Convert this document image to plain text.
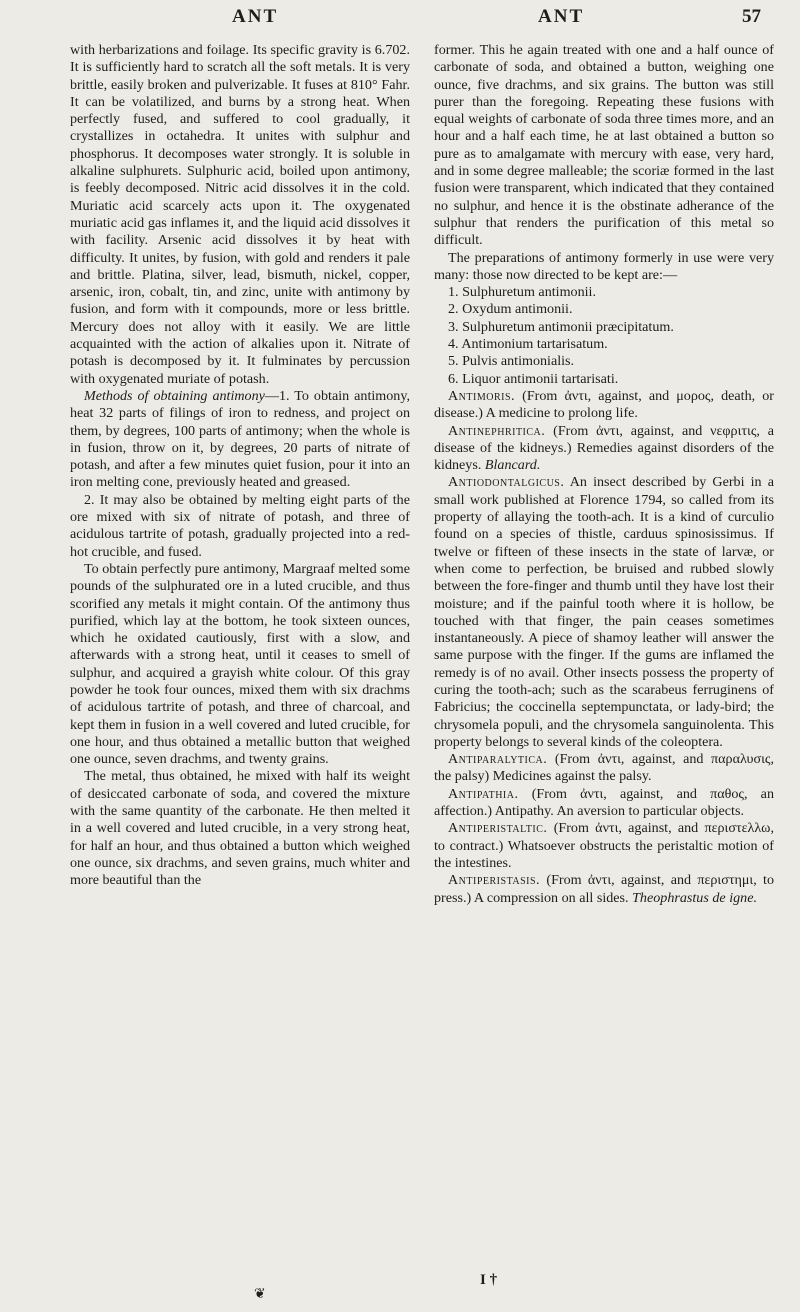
ANT	ANT	57

with herbarizations and foilage. Its specific gravity is 6.702. It is sufficiently hard to scratch all the soft metals. It is very brittle, easily broken and pulverizable. It fuses at 810° Fahr. It can be volatilized, and burns by a strong heat. When perfectly fused, and suffered to cool gradually, it crystallizes in octahedra. It unites with sulphur and phosphorus. It decomposes water strongly. It is soluble in alkaline sulphurets. Sulphuric acid, boiled upon antimony, is feebly decomposed. Nitric acid dissolves it in the cold. Muriatic acid scarcely acts upon it. The oxygenated muriatic acid gas inflames it, and the liquid acid dissolves it with facility. Arsenic acid dissolves it by heat with difficulty. It unites, by fusion, with gold and renders it pale and brittle. Platina, silver, lead, bismuth, nickel, copper, arsenic, iron, cobalt, tin, and zinc, unite with antimony by fusion, and form with it compounds, more or less brittle. Mercury does not alloy with it easily. We are little acquainted with the action of alkalies upon it. Nitrate of potash is decomposed by it. It fulminates by percussion with oxygenated muriate of potash.

Methods of obtaining antimony—1. To obtain antimony, heat 32 parts of filings of iron to redness, and project on them, by degrees, 100 parts of antimony; when the whole is in fusion, throw on it, by degrees, 20 parts of nitrate of potash, and after a few minutes quiet fusion, pour it into an iron melting cone, previously heated and greased.

2. It may also be obtained by melting eight parts of the ore mixed with six of nitrate of potash, and three of acidulous tartrite of potash, gradually projected into a red-hot crucible, and fused.

To obtain perfectly pure antimony, Margraaf melted some pounds of the sulphurated ore in a luted crucible, and thus scorified any metals it might contain. Of the antimony thus purified, which lay at the bottom, he took sixteen ounces, which he oxidated cautiously, first with a slow, and afterwards with a strong heat, until it ceases to smell of sulphur, and acquired a grayish white colour. Of this gray powder he took four ounces, mixed them with six drachms of acidulous tartrite of potash, and three of charcoal, and kept them in fusion in a well covered and luted crucible, for one hour, and thus obtained a metallic button that weighed one ounce, seven drachms, and twenty grains.

The metal, thus obtained, he mixed with half its weight of desiccated carbonate of soda, and covered the mixture with the same quantity of the carbonate. He then melted it in a well covered and luted crucible, in a very strong heat, for half an hour, and thus obtained a button which weighed one ounce, six drachms, and seven grains, much whiter and more beautiful than the

former. This he again treated with one and a half ounce of carbonate of soda, and obtained a button, weighing one ounce, five drachms, and six grains. The button was still purer than the foregoing. Repeating these fusions with equal weights of carbonate of soda three times more, and an hour and a half each time, he at last obtained a button so pure as to amalgamate with mercury with ease, very hard, and in some degree malleable; the scoriæ formed in the last fusion were transparent, which indicated that they contained no sulphur, and hence it is the obstinate adherance of the sulphur that renders the purification of this metal so difficult.

The preparations of antimony formerly in use were very many: those now directed to be kept are:—

1. Sulphuretum antimonii.
2. Oxydum antimonii.
3. Sulphuretum antimonii præcipitatum.
4. Antimonium tartarisatum.
5. Pulvis antimonialis.
6. Liquor antimonii tartarisati.

Antimoris. (From ἀντι, against, and μορος, death, or disease.) A medicine to prolong life.

Antinephritica. (From ἀντι, against, and νεφριτις, a disease of the kidneys.) Remedies against disorders of the kidneys. Blancard.

Antiodontalgicus. An insect described by Gerbi in a small work published at Florence 1794, so called from its property of allaying the tooth-ach. It is a kind of curculio found on a species of thistle, carduus spinosissimus. If twelve or fifteen of these insects in the state of larvæ, or when come to perfection, be bruised and rubbed slowly between the fore-finger and thumb until they have lost their moisture; and if the painful tooth where it is hollow, be touched with that finger, the pain ceases sometimes instantaneously. A piece of shamoy leather will answer the same purpose with the finger. If the gums are inflamed the remedy is of no avail. Other insects possess the property of curing the tooth-ach; such as the scarabeus ferruginens of Fabricius; the coccinella septempunctata, or lady-bird; the chrysomela populi, and the chrysomela sanguinolenta. This property belongs to several kinds of the coleoptera.

Antiparalytica. (From ἀντι, against, and παραλυσις, the palsy) Medicines against the palsy.

Antipathia. (From ἀντι, against, and παθος, an affection.) Antipathy. An aversion to particular objects.

Antiperistaltic. (From ἀντι, against, and περιστελλω, to contract.) Whatsoever obstructs the peristaltic motion of the intestines.

Antiperistasis. (From ἀντι, against, and περιστημι, to press.) A compression on all sides. Theophrastus de igne.

I †
❦
